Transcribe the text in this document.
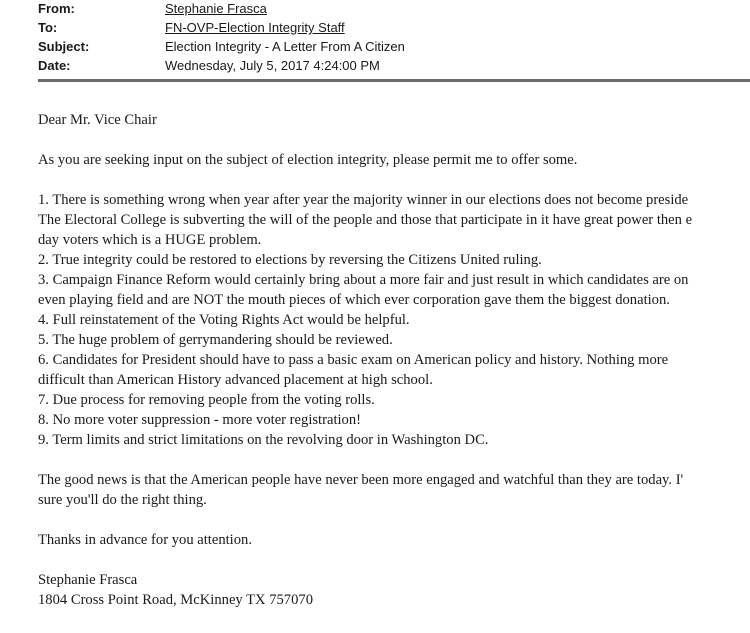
From:	Stephanie Frasca
To:	FN-OVP-Election Integrity Staff
Subject:	Election Integrity - A Letter From A Citizen
Date:	Wednesday, July 5, 2017 4:24:00 PM

Dear Mr. Vice Chair

As you are seeking input on the subject of election integrity, please permit me to offer some.

1. There is something wrong when year after year the majority winner in our elections does not become preside

The Electoral College is subverting the will of the people and those that participate in it have great power then e

day voters which is a HUGE problem.

2. True integrity could be restored to elections by reversing the Citizens United ruling.

3. Campaign Finance Reform would certainly bring about a more fair and just result in which candidates are on

even playing field and are NOT the mouth pieces of which ever corporation gave them the biggest donation.

4. Full reinstatement of the Voting Rights Act would be helpful.

5. The huge problem of gerrymandering should be reviewed.

6. Candidates for President should have to pass a basic exam on American policy and history. Nothing more

difficult than American History advanced placement at high school.

7. Due process for removing people from the voting rolls.

8. No more voter suppression - more voter registration!

9. Term limits and strict limitations on the revolving door in Washington DC.

The good news is that the American people have never been more engaged and watchful than they are today. I'

sure you'll do the right thing.

Thanks in advance for you attention.

Stephanie Frasca

1804 Cross Point Road, McKinney TX 757070
